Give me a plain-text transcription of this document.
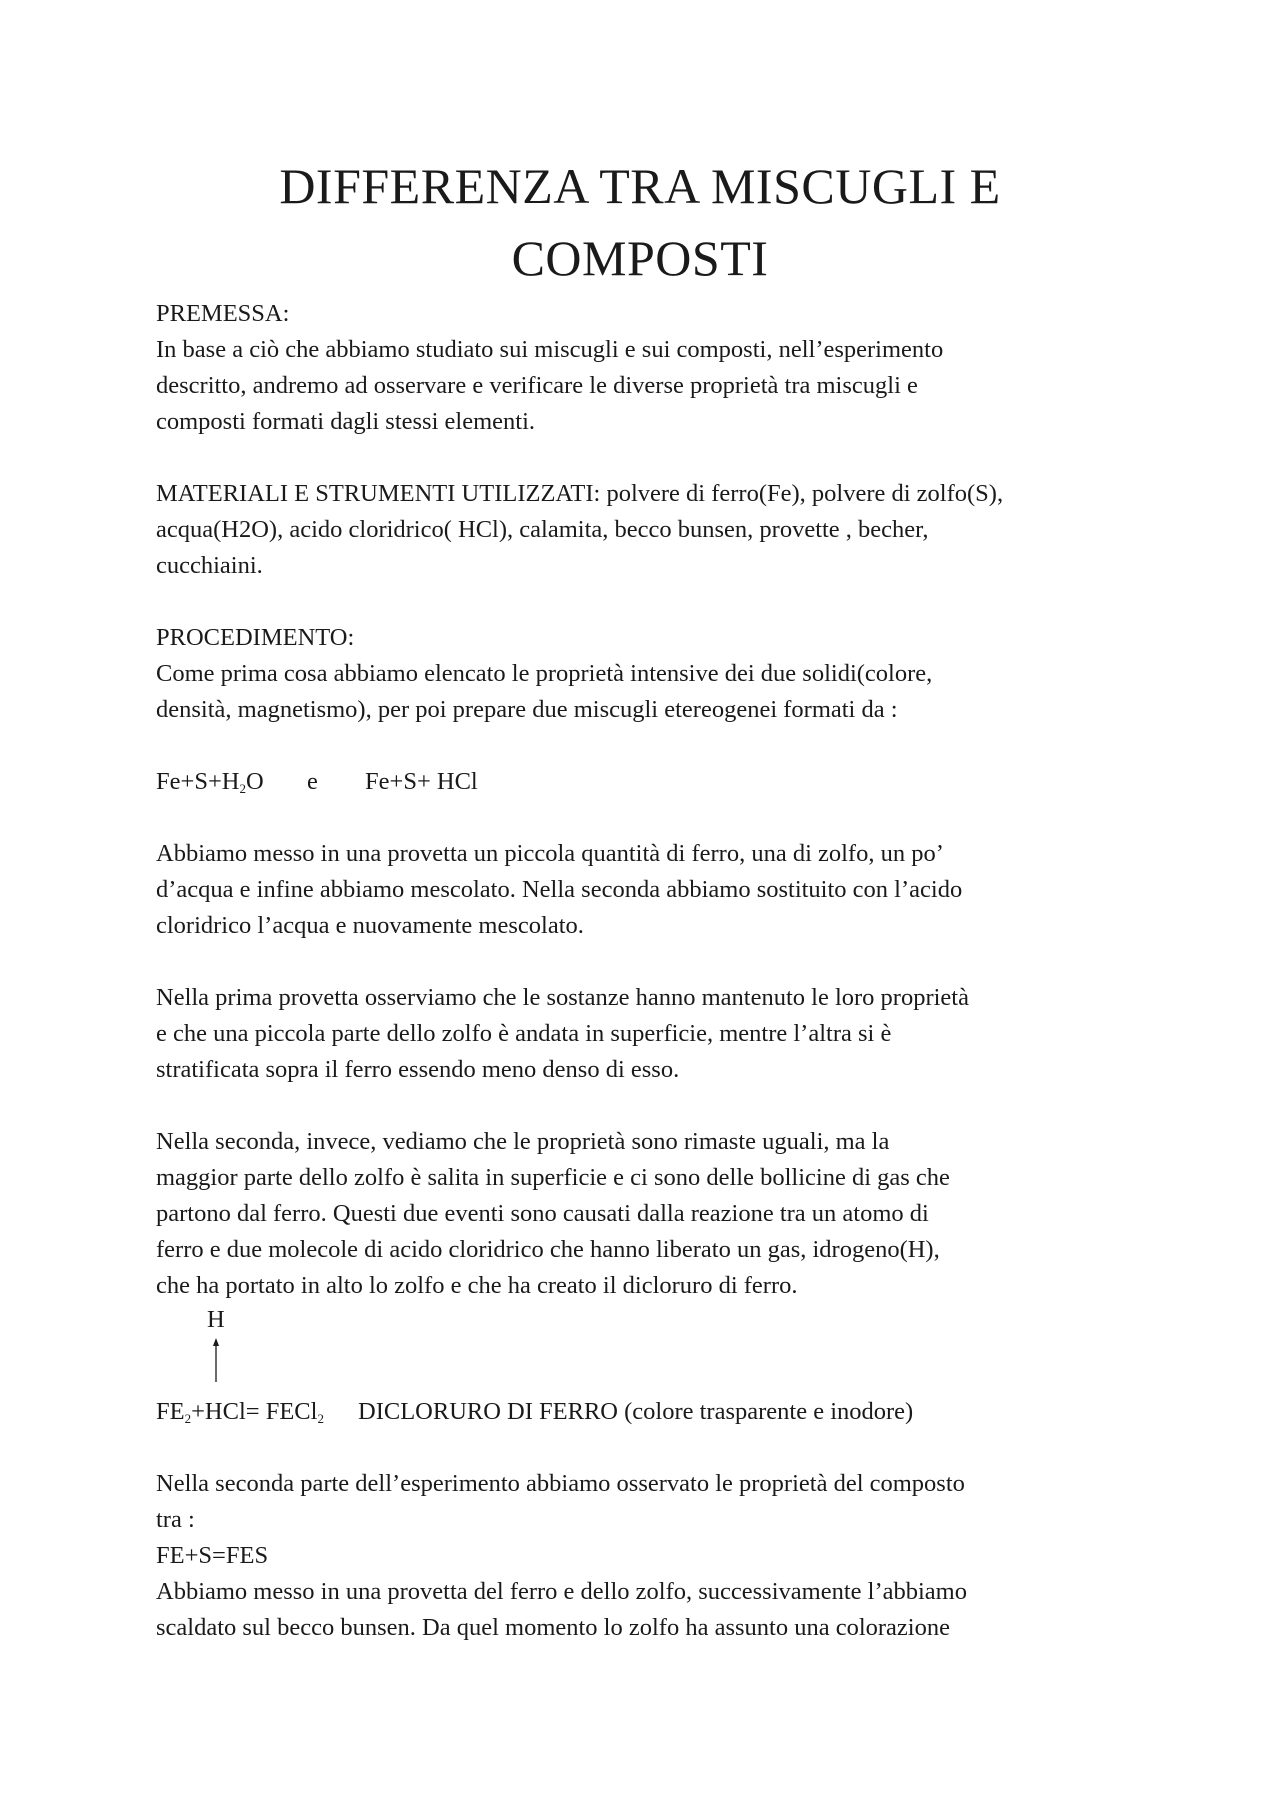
DIFFERENZA TRA MISCUGLI E
COMPOSTI
PREMESSA:
In base a ciò che abbiamo studiato sui miscugli e sui composti, nell’esperimento
descritto, andremo ad osservare e verificare le diverse proprietà tra miscugli e
composti formati dagli stessi elementi.
MATERIALI E STRUMENTI UTILIZZATI: polvere di ferro(Fe), polvere di zolfo(S),
acqua(H2O), acido cloridrico( HCl), calamita, becco bunsen, provette , becher,
cucchiaini.
PROCEDIMENTO:
Come prima cosa abbiamo elencato le proprietà intensive dei due solidi(colore,
densità, magnetismo), per poi prepare due miscugli etereogenei formati da :
$Fe+S+H_2O$ e Fe+S+ HCl
Abbiamo messo in una provetta un piccola quantità di ferro, una di zolfo, un po’
d’acqua e infine abbiamo mescolato. Nella seconda abbiamo sostituito con l’acido
cloridrico l’acqua e nuovamente mescolato.
Nella prima provetta osserviamo che le sostanze hanno mantenuto le loro proprietà
e che una piccola parte dello zolfo è andata in superficie, mentre l’altra si è
stratificata sopra il ferro essendo meno denso di esso.
Nella seconda, invece, vediamo che le proprietà sono rimaste uguali, ma la
maggior parte dello zolfo è salita in superficie e ci sono delle bollicine di gas che
partono dal ferro. Questi due eventi sono causati dalla reazione tra un atomo di
ferro e due molecole di acido cloridrico che hanno liberato un gas, idrogeno(H),
che ha portato in alto lo zolfo e che ha creato il dicloruro di ferro.
H
$FE_2+HCl=$ FECl$_2$ DICLORURO DI FERRO (colore trasparente e inodore)
Nella seconda parte dell’esperimento abbiamo osservato le proprietà del composto
tra :
FE+S=FES
Abbiamo messo in una provetta del ferro e dello zolfo, successivamente l’abbiamo
scaldato sul becco bunsen. Da quel momento lo zolfo ha assunto una colorazione
